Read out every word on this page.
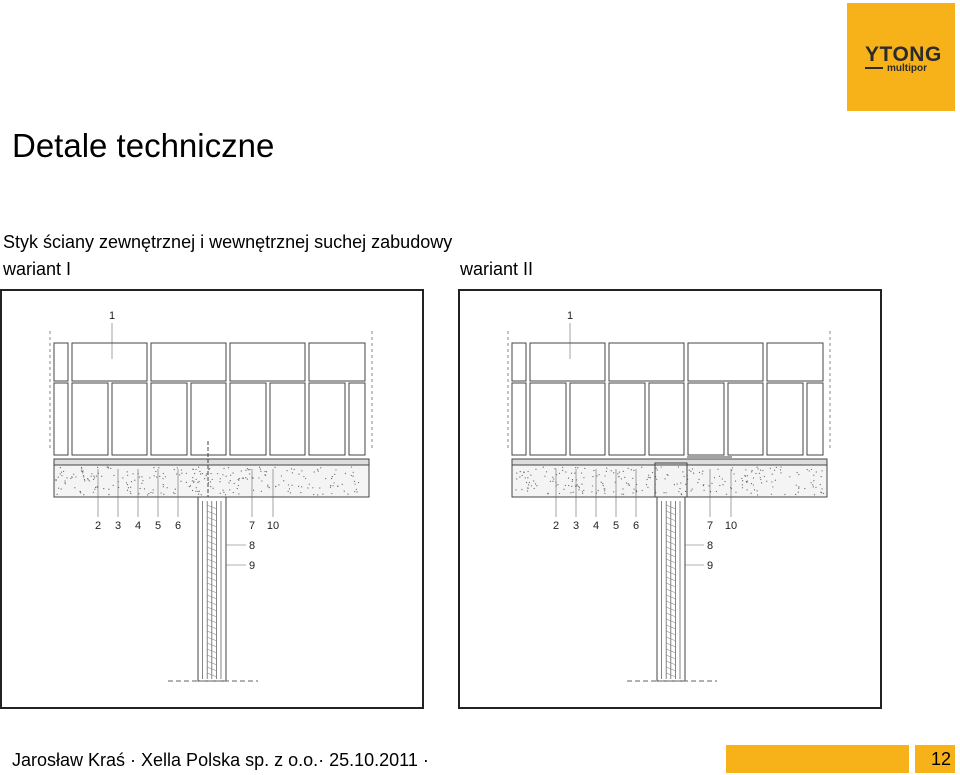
YTONG
multipor
Detale techniczne
Styk ściany zewnętrznej i wewnętrznej suchej zabudowy
wariant I	wariant II
1
2 3 4 5 6	7 10
8
9
1
2 3 4 5 6	7 10
8
9
Jarosław Kraś · Xella Polska sp. z o.o.· 25.10.2011 ·	12
